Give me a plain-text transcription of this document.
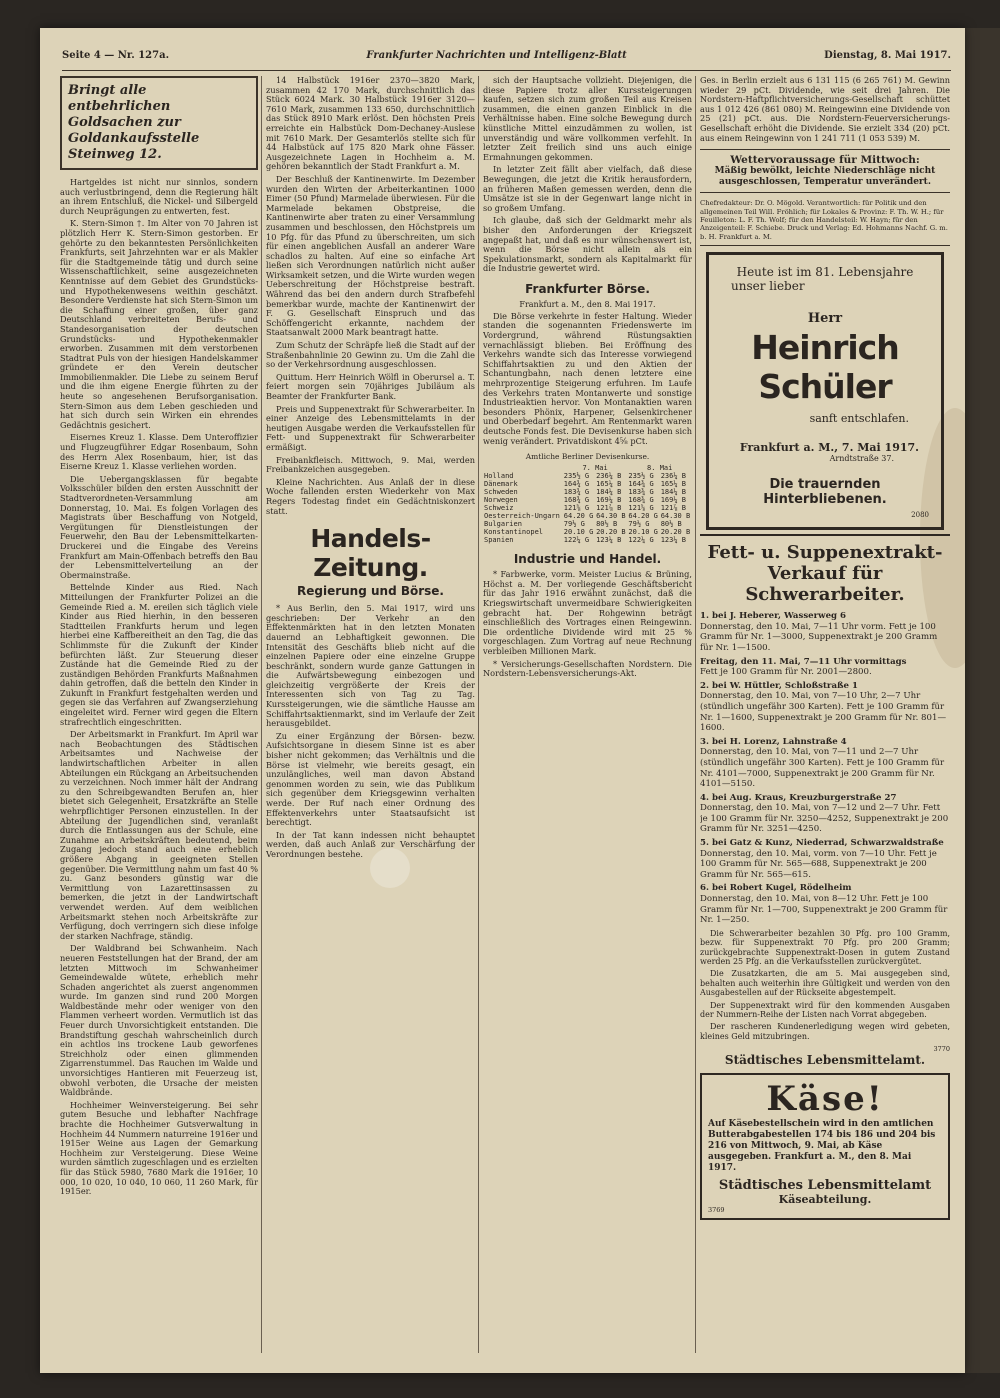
Seite 4 — Nr. 127a.	Frankfurter Nachrichten und Intelligenz-Blatt	Dienstag, 8. Mai 1917.
Bringt alle entbehrlichen Goldsachen zur Goldankaufsstelle Steinweg 12.

Hartgeldes ist nicht nur sinnlos, sondern auch verlustbringend, denn die Regierung hält an ihrem Entschluß, die Nickel- und Silbergeld durch Neuprägungen zu entwerten, fest.

K. Stern-Simon †. Im Alter von 70 Jahren ist plötzlich Herr K. Stern-Simon gestorben. Er gehörte zu den bekanntesten Persönlichkeiten Frankfurts, seit Jahrzehnten war er als Makler für die Stadtgemeinde tätig und durch seine Wissenschaftlichkeit, seine ausgezeichneten Kenntnisse auf dem Gebiet des Grundstücks- und Hypothekenwesens weithin geschätzt. Besondere Verdienste hat sich Stern-Simon um die Schaffung einer großen, über ganz Deutschland verbreiteten Berufs- und Standesorganisation der deutschen Grundstücks- und Hypothekenmakler erworben. Zusammen mit dem verstorbenen Stadtrat Puls von der hiesigen Handelskammer gründete er den Verein deutscher Immobilienmakler. Die Liebe zu seinem Beruf und die ihm eigene Energie führten zu der heute so angesehenen Berufsorganisation. Stern-Simon aus dem Leben geschieden und hat sich durch sein Wirken ein ehrendes Gedächtnis gesichert.

Eisernes Kreuz 1. Klasse. Dem Unteroffizier und Flugzeugführer Edgar Rosenbaum, Sohn des Herrn Alex Rosenbaum, hier, ist das Eiserne Kreuz 1. Klasse verliehen worden.

Die Uebergangsklassen für begabte Volksschüler bilden den ersten Ausschnitt der Stadtverordneten-Versammlung am Donnerstag, 10. Mai. Es folgen Vorlagen des Magistrats über Beschaffung von Notgeld, Vergütungen für Dienstleistungen der Feuerwehr, den Bau der Lebensmittelkarten-Druckerei und die Eingabe des Vereins Frankfurt am Main-Offenbach betreffs den Bau der Lebensmittelverteilung an der Obermainstraße.

Bettelnde Kinder aus Ried. Nach Mitteilungen der Frankfurter Polizei an die Gemeinde Ried a. M. ereilen sich täglich viele Kinder aus Ried hierhin, in den besseren Stadtteilen Frankfurts herum und legen hierbei eine Kaffbereitheit an den Tag, die das Schlimmste für die Zukunft der Kinder befürchten läßt. Zur Steuerung dieser Zustände hat die Gemeinde Ried zu der zuständigen Behörden Frankfurts Maßnahmen dahin getroffen, daß die betteln den Kinder in Zukunft in Frankfurt festgehalten werden und gegen sie das Verfahren auf Zwangserziehung eingeleitet wird. Ferner wird gegen die Eltern strafrechtlich eingeschritten.

Der Arbeitsmarkt in Frankfurt. Im April war nach Beobachtungen des Städtischen Arbeitsamtes und Nachweise der landwirtschaftlichen Arbeiter in allen Abteilungen ein Rückgang an Arbeitsuchenden zu verzeichnen. Noch immer hält der Andrang zu den Schreibgewandten Berufen an, hier bietet sich Gelegenheit, Ersatzkräfte an Stelle wehrpflichtiger Personen einzustellen. In der Abteilung der Jugendlichen sind, veranlaßt durch die Entlassungen aus der Schule, eine Zunahme an Arbeitskräften bedeutend, beim Zugang jedoch stand auch eine erheblich größere Abgang in geeigneten Stellen gegenüber. Die Vermittlung nahm um fast 40 % zu. Ganz besonders günstig war die Vermittlung von Lazarettinsassen zu bemerken, die jetzt in der Landwirtschaft verwendet werden. Auf dem weiblichen Arbeitsmarkt stehen noch Arbeitskräfte zur Verfügung, doch verringern sich diese infolge der starken Nachfrage, ständig.

Der Waldbrand bei Schwanheim. Nach neueren Feststellungen hat der Brand, der am letzten Mittwoch im Schwanheimer Gemeindewalde wütete, erheblich mehr Schaden angerichtet als zuerst angenommen wurde. Im ganzen sind rund 200 Morgen Waldbestände mehr oder weniger von den Flammen verheert worden. Vermutlich ist das Feuer durch Unvorsichtigkeit entstanden. Die Brandstiftung geschah wahrscheinlich durch ein achtlos ins trockene Laub geworfenes Streichholz oder einen glimmenden Zigarrenstummel. Das Rauchen im Walde und unvorsichtiges Hantieren mit Feuerzeug ist, obwohl verboten, die Ursache der meisten Waldbrände.

Hochheimer Weinversteigerung. Bei sehr gutem Besuche und lebhafter Nachfrage brachte die Hochheimer Gutsverwaltung in Hochheim 44 Nummern naturreine 1916er und 1915er Weine aus Lagen der Gemarkung Hochheim zur Versteigerung. Diese Weine wurden sämtlich zugeschlagen und es erzielten für das Stück 5980, 7680 Mark die 1916er, 10 000, 10 020, 10 040, 10 060, 11 260 Mark, für 1915er.

14 Halbstück 1916er 2370—3820 Mark, zusammen 42 170 Mark, durchschnittlich das Stück 6024 Mark. 30 Halbstück 1916er 3120—7610 Mark, zusammen 133 650, durchschnittlich das Stück 8910 Mark erlöst. Den höchsten Preis erreichte ein Halbstück Dom-Dechaney-Auslese mit 7610 Mark. Der Gesamterlös stellte sich für 44 Halbstück auf 175 820 Mark ohne Fässer. Ausgezeichnete Lagen in Hochheim a. M. gehören bekanntlich der Stadt Frankfurt a. M.

Der Beschluß der Kantinenwirte. Im Dezember wurden den Wirten der Arbeiterkantinen 1000 Eimer (50 Pfund) Marmelade überwiesen. Für die Marmelade bekamen Obstpreise, die Kantinenwirte aber traten zu einer Versammlung zusammen und beschlossen, den Höchstpreis um 10 Pfg. für das Pfund zu überschreiten, um sich für einen angeblichen Ausfall an anderer Ware schadlos zu halten. Auf eine so einfache Art ließen sich Verordnungen natürlich nicht außer Wirksamkeit setzen, und die Wirte wurden wegen Ueberschreitung der Höchstpreise bestraft. Während das bei den andern durch Strafbefehl bemerkbar wurde, machte der Kantinenwirt der F. G. Gesellschaft Einspruch und das Schöffengericht erkannte, nachdem der Staatsanwalt 2000 Mark beantragt hatte.

Zum Schutz der Schräpfe ließ die Stadt auf der Straßenbahnlinie 20 Gewinn zu. Um die Zahl die so der Verkehrsordnung ausgeschlossen.

Quittum. Herr Heinrich Wölfl in Oberursel a. T. feiert morgen sein 70jähriges Jubiläum als Beamter der Frankfurter Bank.

Preis und Suppenextrakt für Schwerarbeiter. In einer Anzeige des Lebensmittelamts in der heutigen Ausgabe werden die Verkaufsstellen für Fett- und Suppenextrakt für Schwerarbeiter ermäßigt.

Freibankfleisch. Mittwoch, 9. Mai, werden Freibankzeichen ausgegeben.

Kleine Nachrichten. Aus Anlaß der in diese Woche fallenden ersten Wiederkehr von Max Regers Todestag findet ein Gedächtniskonzert statt.

Handels-Zeitung.
Regierung und Börse.

* Aus Berlin, den 5. Mai 1917, wird uns geschrieben: Der Verkehr an den Effektenmärkten hat in den letzten Monaten dauernd an Lebhaftigkeit gewonnen. Die Intensität des Geschäfts blieb nicht auf die einzelnen Papiere oder eine einzelne Gruppe beschränkt, sondern wurde ganze Gattungen in die Aufwärtsbewegung einbezogen und gleichzeitig vergrößerte der Kreis der Interessenten sich von Tag zu Tag. Kurssteigerungen, wie die sämtliche Hausse am Schiffahrtsaktienmarkt, sind im Verlaufe der Zeit herausgebildet.

Zu einer Ergänzung der Börsen- bezw. Aufsichtsorgane in diesem Sinne ist es aber bisher nicht gekommen; das Verhältnis und die Börse ist vielmehr, wie bereits gesagt, ein unzulängliches, weil man davon Abstand genommen worden zu sein, wie das Publikum sich gegenüber dem Kriegsgewinn verhalten werde. Der Ruf nach einer Ordnung des Effektenverkehrs unter Staatsaufsicht ist berechtigt.

In der Tat kann indessen nicht behauptet werden, daß auch Anlaß zur Verschärfung der Verordnungen bestehe.

sich der Hauptsache vollzieht. Diejenigen, die diese Papiere trotz aller Kurssteigerungen kaufen, setzen sich zum großen Teil aus Kreisen zusammen, die einen ganzen Einblick in die Verhältnisse haben. Eine solche Bewegung durch künstliche Mittel einzudämmen zu wollen, ist unverständig und wäre vollkommen verfehlt. In letzter Zeit freilich sind uns auch einige Ermahnungen gekommen.

In letzter Zeit fällt aber vielfach, daß diese Bewegungen, die jetzt die Kritik herausfordern, an früheren Maßen gemessen werden, denn die Umsätze ist sie in der Gegenwart lange nicht in so großem Umfang.

Ich glaube, daß sich der Geldmarkt mehr als bisher den Anforderungen der Kriegszeit angepaßt hat, und daß es nur wünschenswert ist, wenn die Börse nicht allein als ein Spekulationsmarkt, sondern als Kapitalmarkt für die Industrie gewertet wird.

Frankfurter Börse.
Frankfurt a. M., den 8. Mai 1917.

Die Börse verkehrte in fester Haltung. Wieder standen die sogenannten Friedenswerte im Vordergrund, während Rüstungsaktien vernachlässigt blieben. Bei Eröffnung des Verkehrs wandte sich das Interesse vorwiegend Schiffahrtsaktien zu und den Aktien der Schantungbahn, nach denen letztere eine mehrprozentige Steigerung erfuhren. Im Laufe des Verkehrs traten Montanwerte und sonstige Industrieaktien hervor. Von Montanaktien waren besonders Phönix, Harpener, Gelsenkirchener und Oberbedarf begehrt. Am Rentenmarkt waren deutsche Fonds fest. Die Devisenkurse haben sich wenig verändert. Privatdiskont 4⅝ pCt.

Amtliche Berliner Devisenkurse.
	7. Mai		8. Mai	
Holland	235½ G	236¼ B	235½ G	236¼ B
Dänemark	164¾ G	165¼ B	164¾ G	165¼ B
Schweden	183¾ G	184¼ B	183¾ G	184¼ B
Norwegen	168¾ G	169¼ B	168¾ G	169¼ B
Schweiz	121⅝ G	121⅞ B	121⅝ G	121⅞ B
Oesterreich-Ungarn	64.20 G	64.30 B	64.20 G	64.30 B
Bulgarien	79½ G	80½ B	79½ G	80½ B
Konstantinopel	20.10 G	20.20 B	20.10 G	20.20 B
Spanien	122¼ G	123¼ B	122¼ G	123¼ B
Industrie und Handel.

* Farbwerke, vorm. Meister Lucius & Brüning, Höchst a. M. Der vorliegende Geschäftsbericht für das Jahr 1916 erwähnt zunächst, daß die Kriegswirtschaft unvermeidbare Schwierigkeiten gebracht hat. Der Rohgewinn beträgt einschließlich des Vortrages einen Reingewinn. Die ordentliche Dividende wird mit 25 % vorgeschlagen. Zum Vortrag auf neue Rechnung verbleiben Millionen Mark.

* Versicherungs-Gesellschaften Nordstern. Die Nordstern-Lebensversicherungs-Akt.

Ges. in Berlin erzielt aus 6 131 115 (6 265 761) M. Gewinn wieder 29 pCt. Dividende, wie seit drei Jahren. Die Nordstern-Haftpflichtversicherungs-Gesellschaft schüttet aus 1 012 426 (861 080) M. Reingewinn eine Dividende von 25 (21) pCt. aus. Die Nordstern-Feuerversicherungs-Gesellschaft erhöht die Dividende. Sie erzielt 334 (20) pCt. aus einem Reingewinn von 1 241 711 (1 053 539) M.

Wettervoraussage für Mittwoch:
Mäßig bewölkt, leichte Niederschläge nicht ausgeschlossen, Temperatur unverändert.
Chefredakteur: Dr. O. Mögold. Verantwortlich: für Politik und den allgemeinen Teil Will. Fröhlich; für Lokales & Provinz: F. Th. W. H.; für Feuilleton: L. F. Th. Wolf; für den Handelsteil: W. Hayn; für den Anzeigenteil: F. Schiebe. Druck und Verlag: Ed. Hohmanns Nachf. G. m. b. H. Frankfurt a. M.
Heute ist im 81. Lebensjahre
unser lieber
Herr
Heinrich Schüler
sanft entschlafen.
Frankfurt a. M., 7. Mai 1917.
Arndtstraße 37.
Die trauernden Hinterbliebenen.
2080
Fett- u. Suppenextrakt-Verkauf für Schwerarbeiter.
1. bei J. Heberer, Wasserweg 6
Donnerstag, den 10. Mai, 7—11 Uhr vorm. Fett je 100 Gramm für Nr. 1—3000, Suppenextrakt je 200 Gramm für Nr. 1—1500.
Freitag, den 11. Mai, 7—11 Uhr vormittags
Fett je 100 Gramm für Nr. 2001—2800.
2. bei W. Hüttler, Schloßstraße 1
Donnerstag, den 10. Mai, von 7—10 Uhr, 2—7 Uhr (stündlich ungefähr 300 Karten). Fett je 100 Gramm für Nr. 1—1600, Suppenextrakt je 200 Gramm für Nr. 801—1600.
3. bei H. Lorenz, Lahnstraße 4
Donnerstag, den 10. Mai, von 7—11 und 2—7 Uhr (stündlich ungefähr 300 Karten). Fett je 100 Gramm für Nr. 4101—7000, Suppenextrakt je 200 Gramm für Nr. 4101—5150.
4. bei Aug. Kraus, Kreuzburgerstraße 27
Donnerstag, den 10. Mai, von 7—12 und 2—7 Uhr. Fett je 100 Gramm für Nr. 3250—4252, Suppenextrakt je 200 Gramm für Nr. 3251—4250.
5. bei Gatz & Kunz, Niederrad, Schwarzwaldstraße
Donnerstag, den 10. Mai, vorm. von 7—10 Uhr. Fett je 100 Gramm für Nr. 565—688, Suppenextrakt je 200 Gramm für Nr. 565—615.
6. bei Robert Kugel, Rödelheim
Donnerstag, den 10. Mai, von 8—12 Uhr. Fett je 100 Gramm für Nr. 1—700, Suppenextrakt je 200 Gramm für Nr. 1—250.

Die Schwerarbeiter bezahlen 30 Pfg. pro 100 Gramm, bezw. für Suppenextrakt 70 Pfg. pro 200 Gramm; zurückgebrachte Suppenextrakt-Dosen in gutem Zustand werden 25 Pfg. an die Verkaufsstellen zurückvergütet.

Die Zusatzkarten, die am 5. Mai ausgegeben sind, behalten auch weiterhin ihre Gültigkeit und werden von den Ausgabestellen auf der Rückseite abgestempelt.

Der Suppenextrakt wird für den kommenden Ausgaben der Nummern-Reihe der Listen nach Vorrat abgegeben.

Der rascheren Kundenerledigung wegen wird gebeten, kleines Geld mitzubringen.

3770
Städtisches Lebensmittelamt.
Käse!
Auf Käsebestellschein wird in den amtlichen Butterabgabestellen 174 bis 186 und 204 bis 216 von Mittwoch, 9. Mai, ab Käse ausgegeben. Frankfurt a. M., den 8. Mai 1917.
Städtisches Lebensmittelamt
Käseabteilung.
3769
